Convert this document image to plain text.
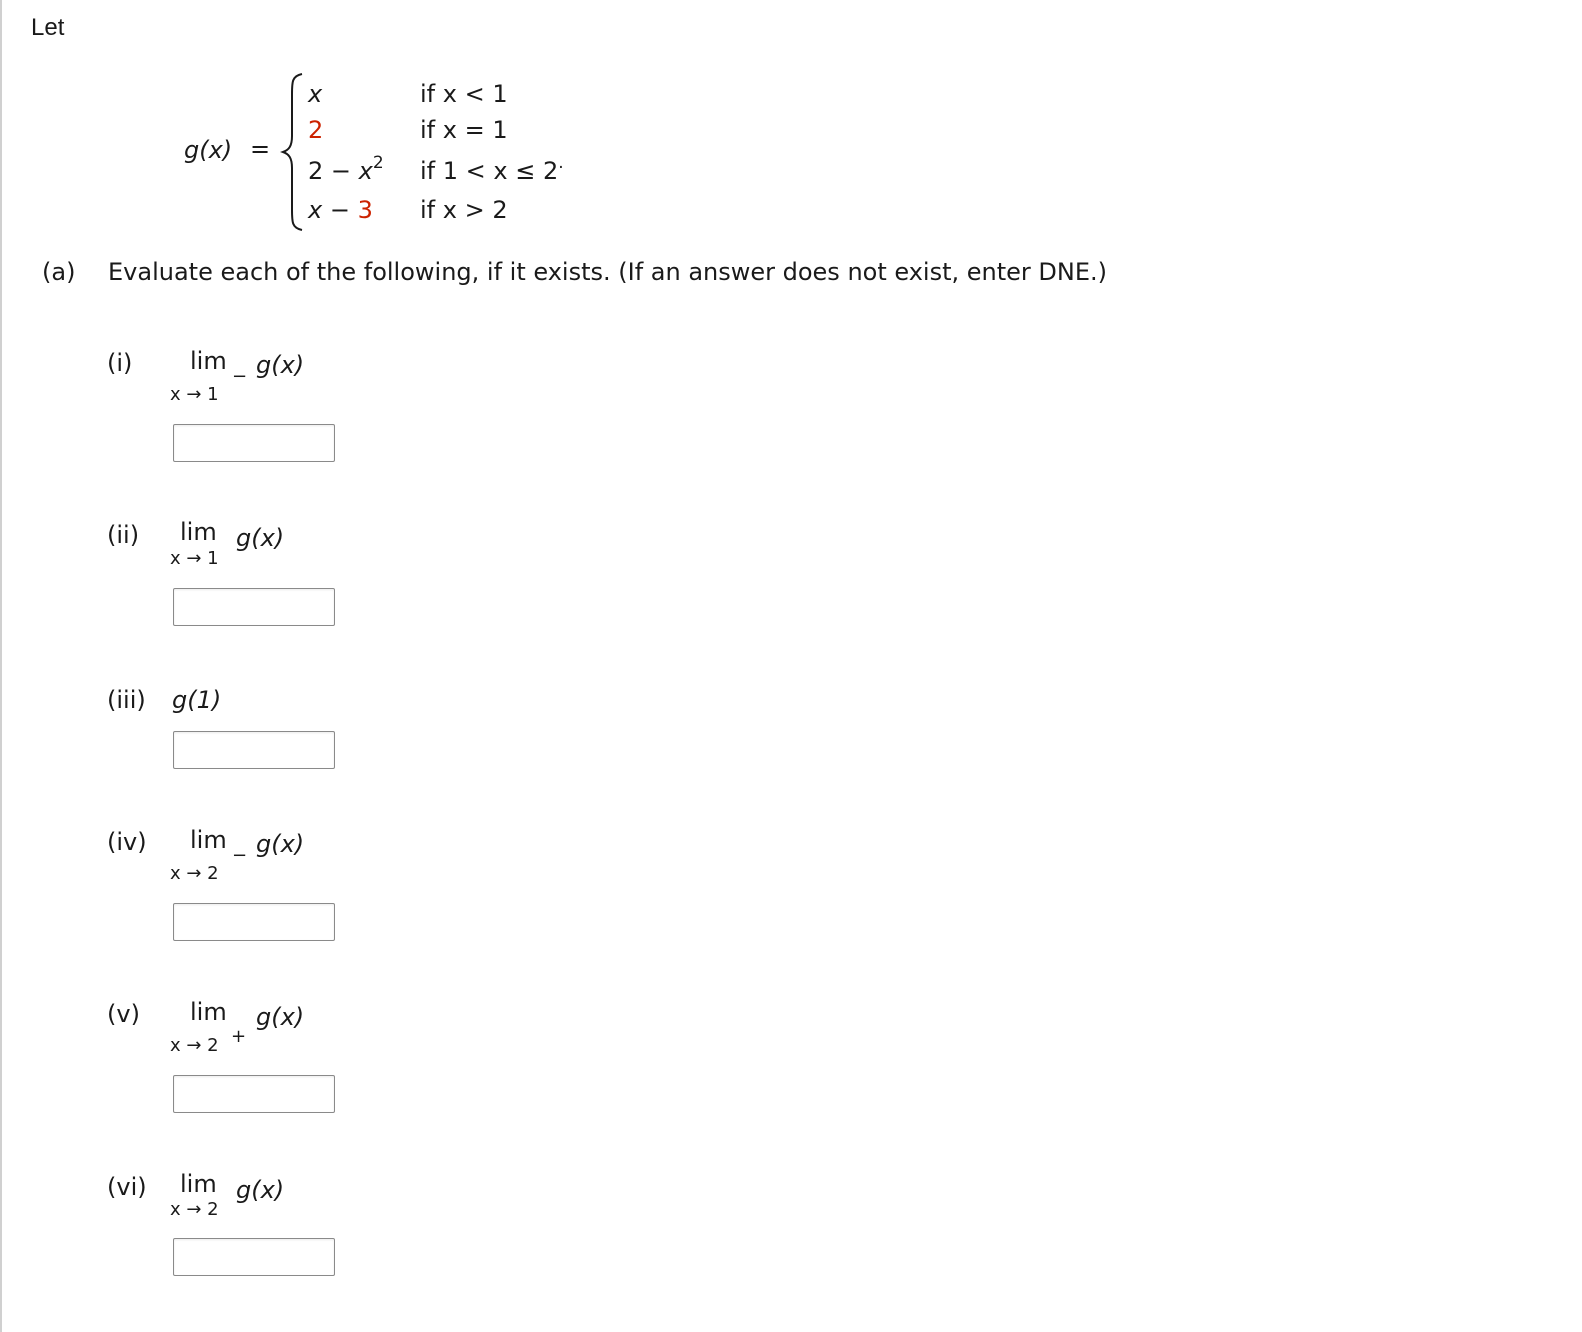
Let
g(x) =
x	if x < 1
2	if x = 1
$2 - x^2$ if 1 < x ≤ 2.
x − 3 if x > 2
(a) Evaluate each of the following, if it exists. (If an answer does not exist, enter DNE.)
(i) lim
x → 1
− g(x)
(ii) lim
x → 1
g(x)
(iii) g(1)
(iv) lim
x → 2
− g(x)
(v) lim
x → 2 +
g(x)
(vi) lim
x → 2
g(x)
